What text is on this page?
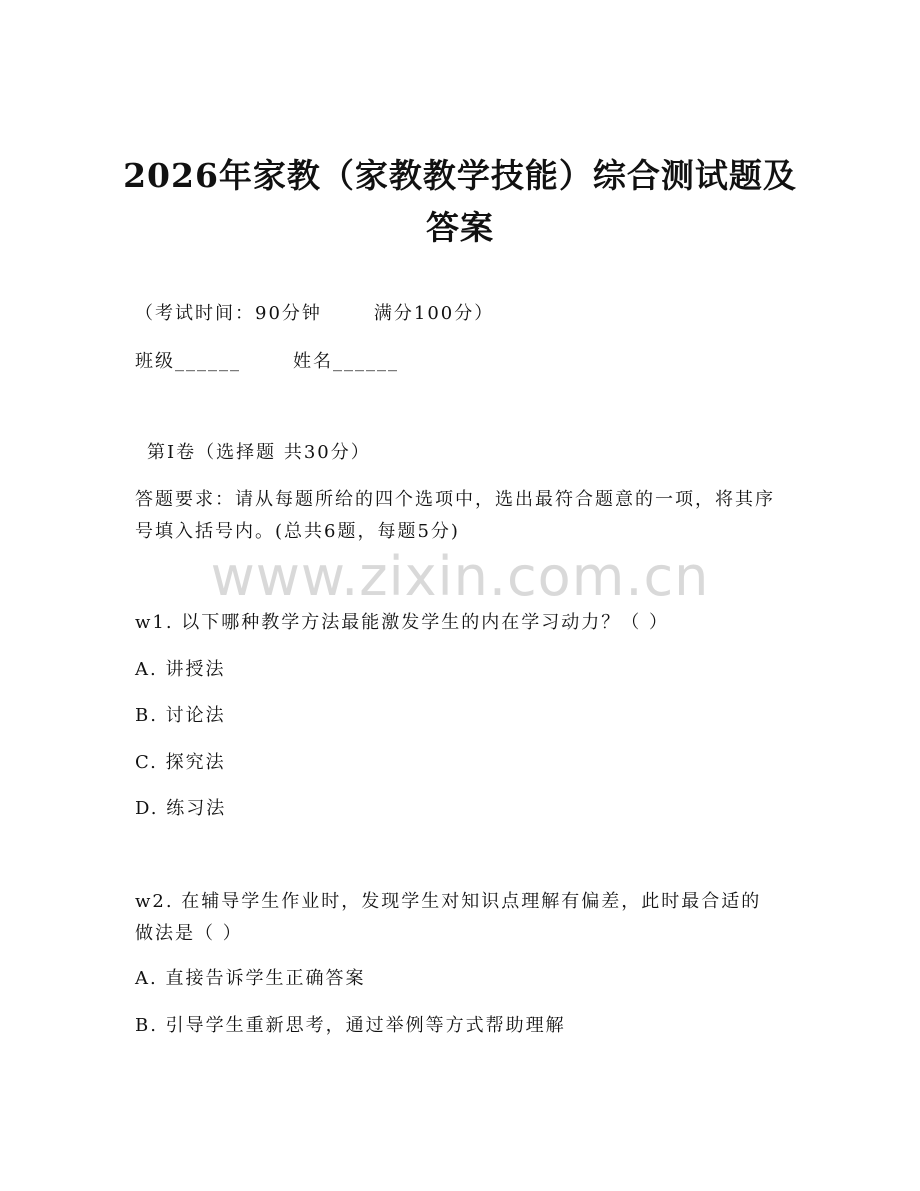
2026年家教（家教教学技能）综合测试题及答案
（考试时间：90分钟	满分100分）
班级______	姓名______
第Ⅰ卷（选择题 共30分）
答题要求：请从每题所给的四个选项中，选出最符合题意的一项，将其序号填入括号内。(总共6题，每题5分)
www.zixin.com.cn
w1. 以下哪种教学方法最能激发学生的内在学习动力？（ ）
A. 讲授法
B. 讨论法
C. 探究法
D. 练习法
w2. 在辅导学生作业时，发现学生对知识点理解有偏差，此时最合适的做法是（ ）
A. 直接告诉学生正确答案
B. 引导学生重新思考，通过举例等方式帮助理解
